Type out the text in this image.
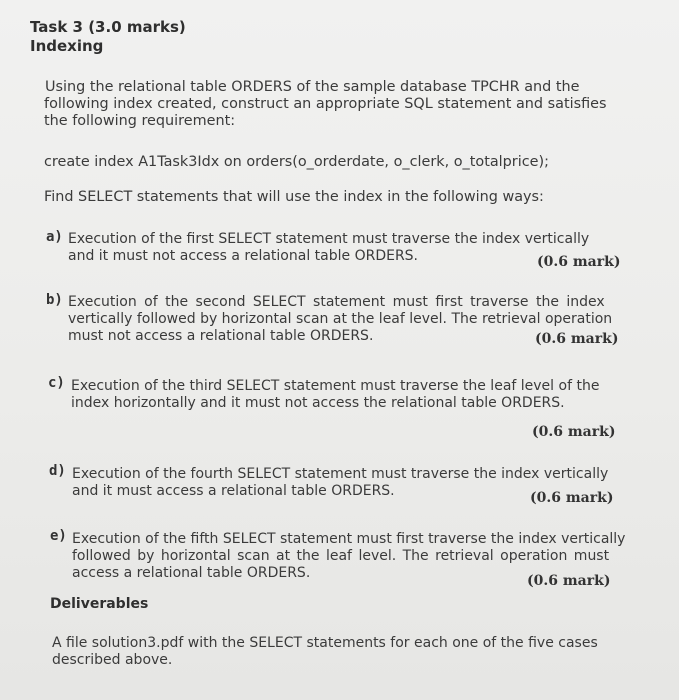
Task 3 (3.0 marks)
Indexing
Using the relational table ORDERS of the sample database TPCHR and the
following index created, construct an appropriate SQL statement and satisfies
the following requirement:
create index A1Task3Idx on orders(o_orderdate, o_clerk, o_totalprice);
Find SELECT statements that will use the index in the following ways:
a) Execution of the first SELECT statement must traverse the index vertically
and it must not access a relational table ORDERS.	(0.6 mark)
b) Execution of the second SELECT statement must first traverse the index
vertically followed by horizontal scan at the leaf level. The retrieval operation
must not access a relational table ORDERS.	(0.6 mark)
c) Execution of the third SELECT statement must traverse the leaf level of the
index horizontally and it must not access the relational table ORDERS.
(0.6 mark)
d) Execution of the fourth SELECT statement must traverse the index vertically
and it must access a relational table ORDERS.	(0.6 mark)
e) Execution of the fifth SELECT statement must first traverse the index vertically
followed by horizontal scan at the leaf level. The retrieval operation must
access a relational table ORDERS.	(0.6 mark)
Deliverables
A file solution3.pdf with the SELECT statements for each one of the five cases
described above.
